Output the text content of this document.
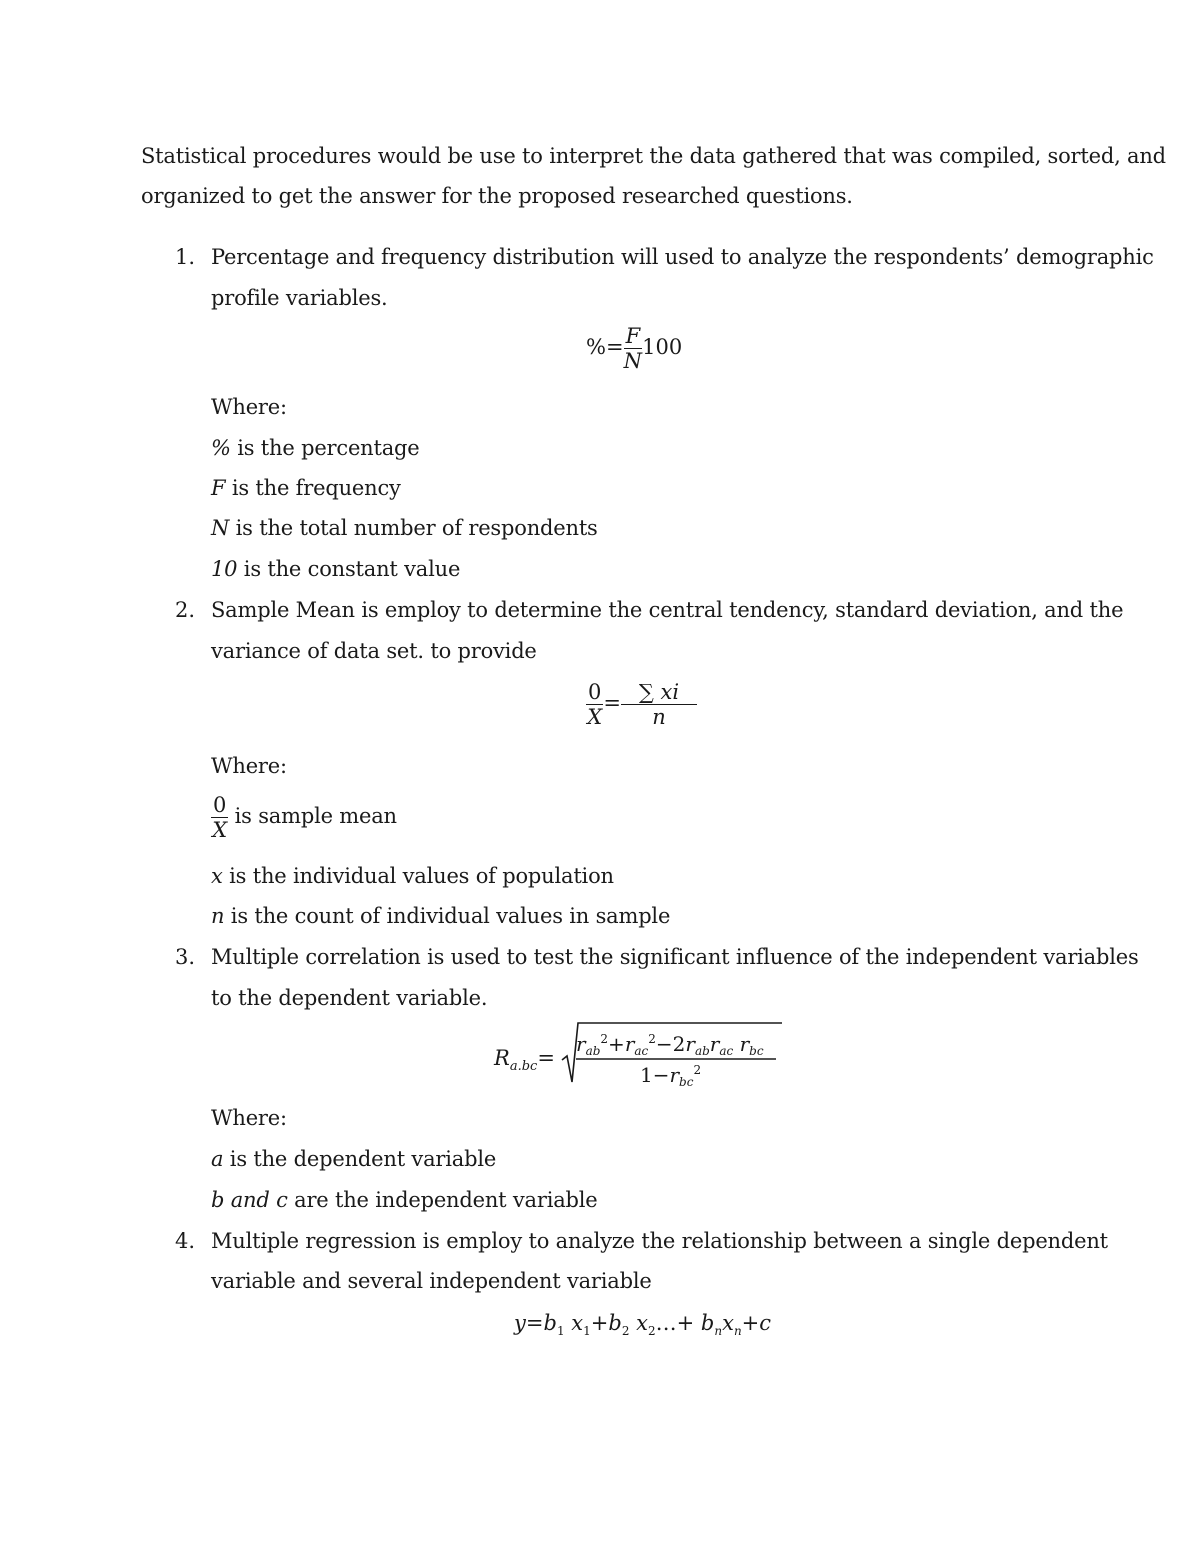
Statistical procedures would be use to interpret the data gathered that was compiled, sorted, and
organized to get the answer for the proposed researched questions.
1. Percentage and frequency distribution will used to analyze the respondents’ demographic
profile variables.
%= $\frac{F}{N} 100$
Where:
% is the percentage
F is the frequency
N is the total number of respondents
10 is the constant value
2. Sample Mean is employ to determine the central tendency, standard deviation, and the
variance of data set. to provide
$\frac{0}{X} = \frac{\sum xi}{n}$
Where:
$\frac{0}{X}$ is sample mean
x is the individual values of population
n is the count of individual values in sample
3. Multiple correlation is used to test the significant influence of the independent variables
to the dependent variable.
$R_{a.bc}=$
$r_{ab}^2+r_{ac}^2-2r_{ab}r_{ac}$ $r_{bc}$
$1-r_{bc}^2$
Where:
a is the dependent variable
b and c are the independent variable
4. Multiple regression is employ to analyze the relationship between a single dependent
variable and several independent variable
$y=b_1$ $x_1+b_2$ $x_2\dots+ b_nx_n+c$
